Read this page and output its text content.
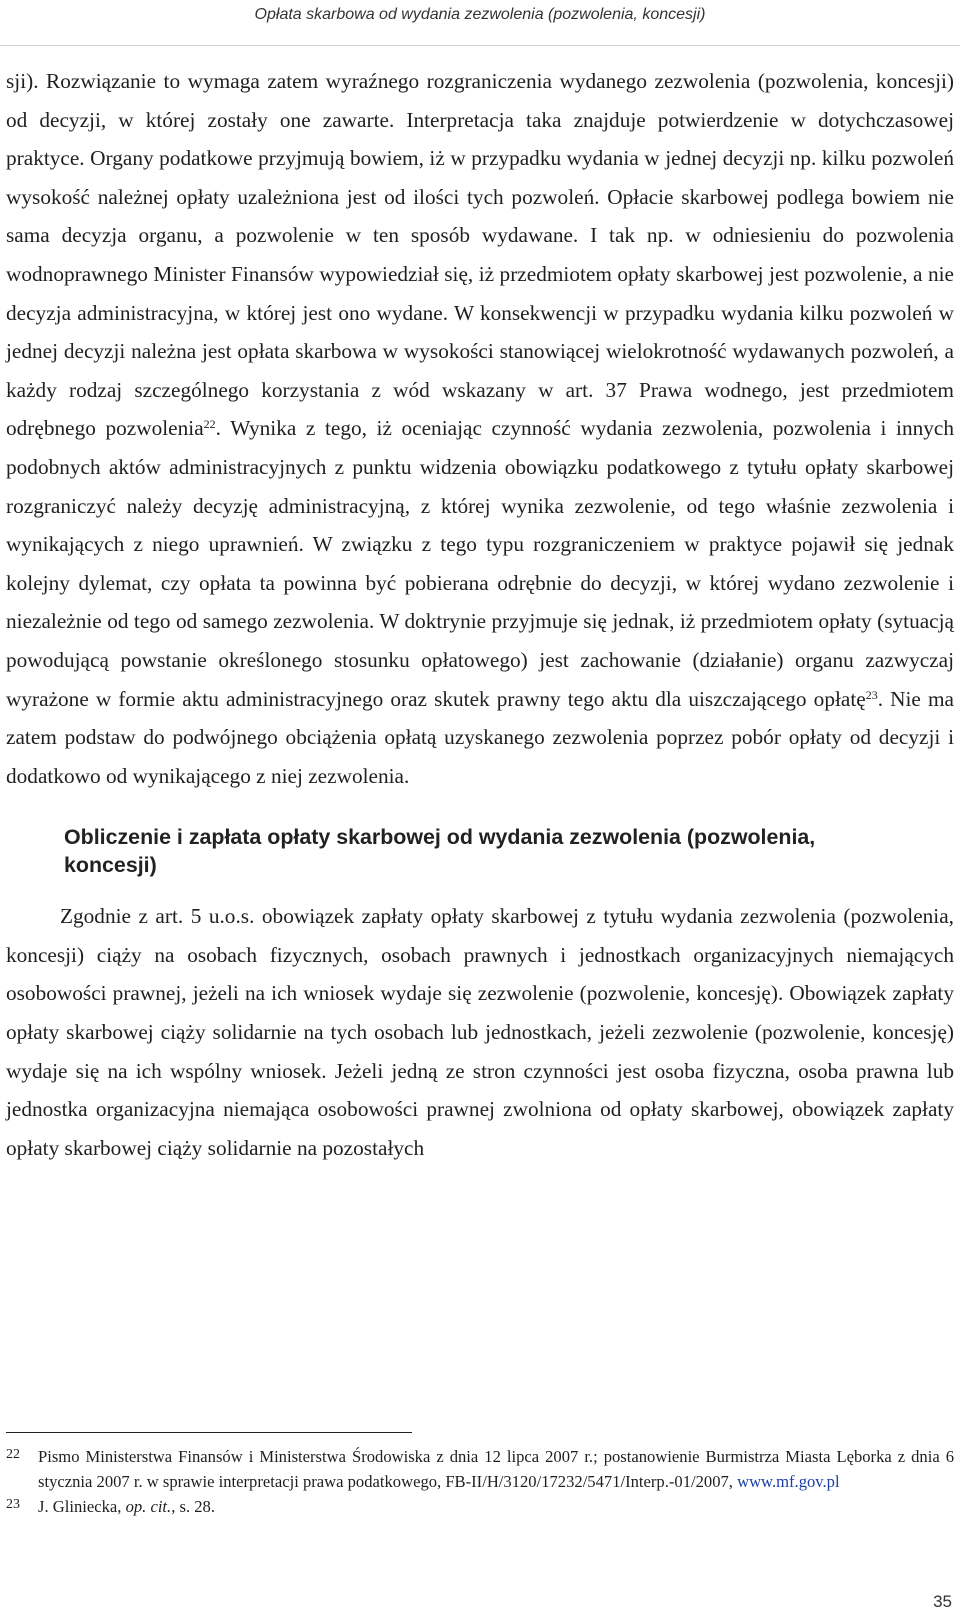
Opłata skarbowa od wydania zezwolenia (pozwolenia, koncesji)

sji). Rozwiązanie to wymaga zatem wyraźnego rozgraniczenia wydanego zezwolenia (pozwolenia, koncesji) od decyzji, w której zostały one zawarte. Interpretacja taka znajduje potwierdzenie w dotychczasowej praktyce. Organy podatkowe przyjmują bowiem, iż w przypadku wydania w jednej decyzji np. kilku pozwoleń wysokość należnej opłaty uzależniona jest od ilości tych pozwoleń. Opłacie skarbowej podlega bowiem nie sama decyzja organu, a pozwolenie w ten sposób wydawane. I tak np. w odniesieniu do pozwolenia wodnoprawnego Minister Finansów wypowiedział się, iż przedmiotem opłaty skarbowej jest pozwolenie, a nie decyzja administracyjna, w której jest ono wydane. W konsekwencji w przypadku wydania kilku pozwoleń w jednej decyzji należna jest opłata skarbowa w wysokości stanowiącej wielokrotność wydawanych pozwoleń, a każdy rodzaj szczególnego korzystania z wód wskazany w art. 37 Prawa wodnego, jest przedmiotem odrębnego pozwolenia$^{22}$. Wynika z tego, iż oceniając czynność wydania zezwolenia, pozwolenia i innych podobnych aktów administracyjnych z punktu widzenia obowiązku podatkowego z tytułu opłaty skarbowej rozgraniczyć należy decyzję administracyjną, z której wynika zezwolenie, od tego właśnie zezwolenia i wynikających z niego uprawnień. W związku z tego typu rozgraniczeniem w praktyce pojawił się jednak kolejny dylemat, czy opłata ta powinna być pobierana odrębnie do decyzji, w której wydano zezwolenie i niezależnie od tego od samego zezwolenia. W doktrynie przyjmuje się jednak, iż przedmiotem opłaty (sytuacją powodującą powstanie określonego stosunku opłatowego) jest zachowanie (działanie) organu zazwyczaj wyrażone w formie aktu administracyjnego oraz skutek prawny tego aktu dla uiszczającego opłatę$^{23}$. Nie ma zatem podstaw do podwójnego obciążenia opłatą uzyskanego zezwolenia poprzez pobór opłaty od decyzji i dodatkowo od wynikającego z niej zezwolenia.

Obliczenie i zapłata opłaty skarbowej od wydania zezwolenia (pozwolenia, koncesji)

Zgodnie z art. 5 u.o.s. obowiązek zapłaty opłaty skarbowej z tytułu wydania zezwolenia (pozwolenia, koncesji) ciąży na osobach fizycznych, osobach prawnych i jednostkach organizacyjnych niemających osobowości prawnej, jeżeli na ich wniosek wydaje się zezwolenie (pozwolenie, koncesję). Obowiązek zapłaty opłaty skarbowej ciąży solidarnie na tych osobach lub jednostkach, jeżeli zezwolenie (pozwolenie, koncesję) wydaje się na ich wspólny wniosek. Jeżeli jedną ze stron czynności jest osoba fizyczna, osoba prawna lub jednostka organizacyjna niemająca osobowości prawnej zwolniona od opłaty skarbowej, obowiązek zapłaty opłaty skarbowej ciąży solidarnie na pozostałych

22	Pismo Ministerstwa Finansów i Ministerstwa Środowiska z dnia 12 lipca 2007 r.; postanowienie Burmistrza Miasta Lęborka z dnia 6 stycznia 2007 r. w sprawie interpretacji prawa podatkowego, FB-II/H/3120/17232/5471/Interp.-01/2007, www.mf.gov.pl
23	J. Gliniecka, op. cit., s. 28.
35
